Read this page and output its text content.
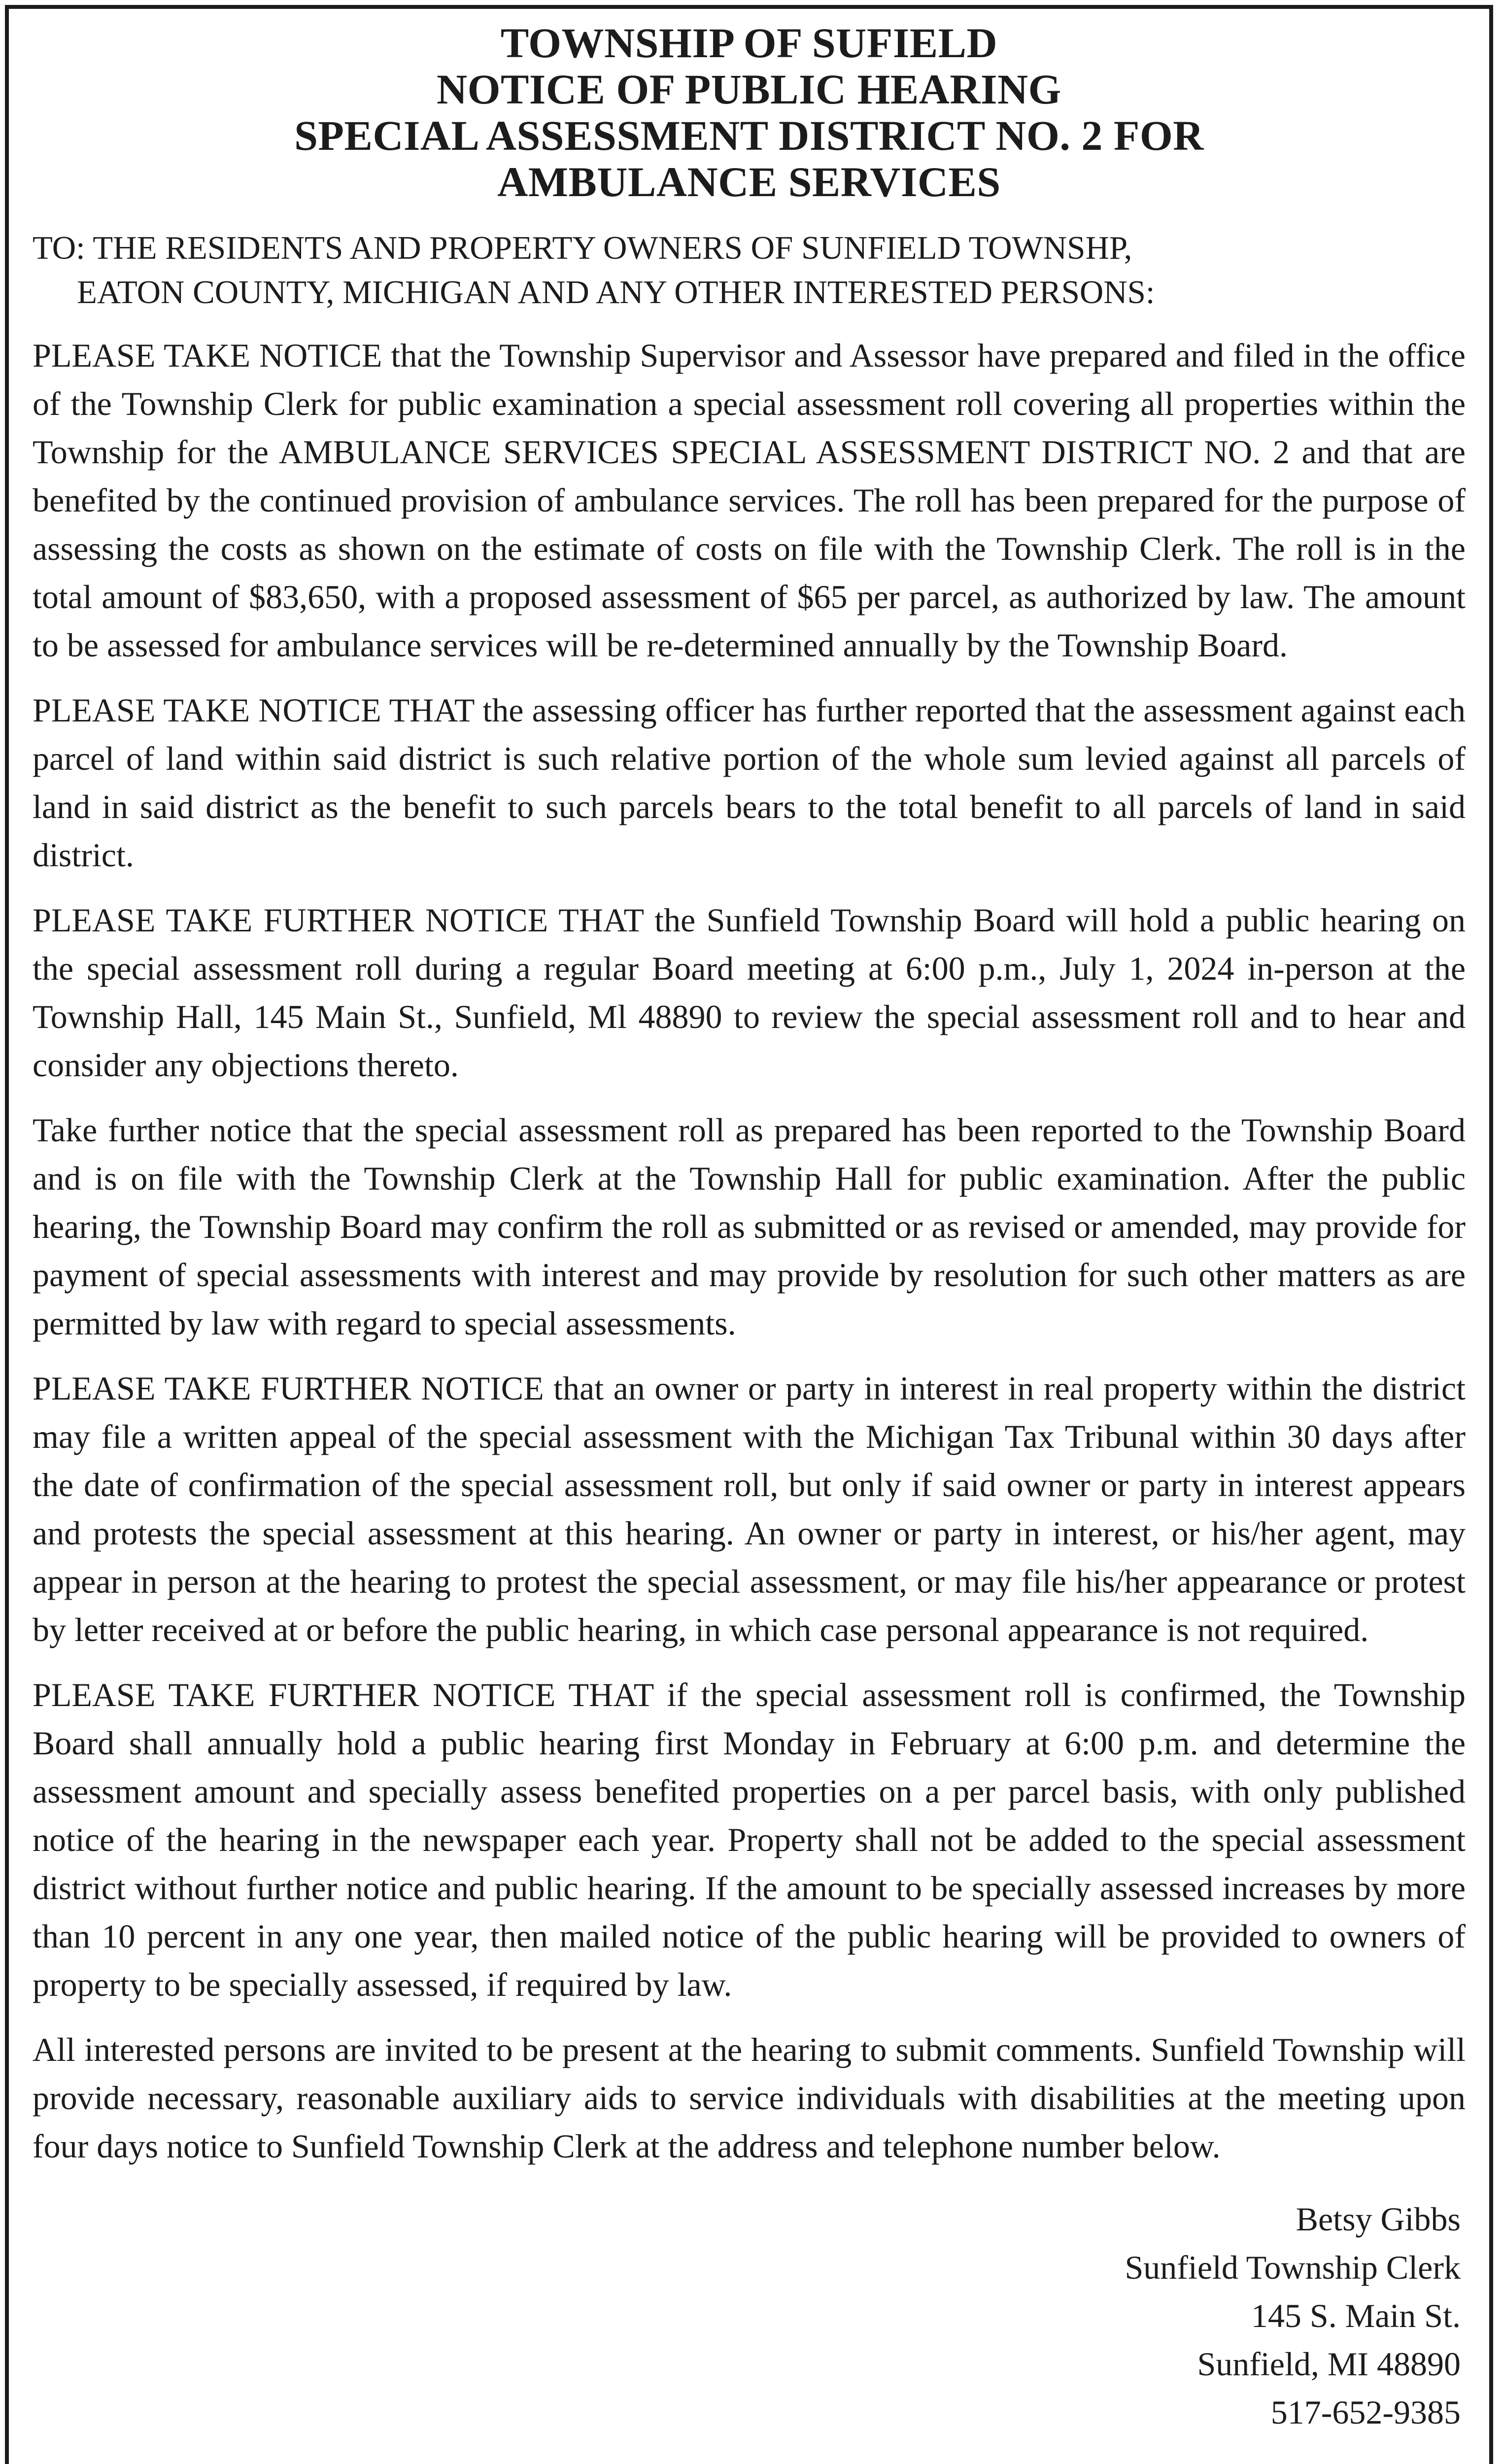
TOWNSHIP OF SUFIELD
NOTICE OF PUBLIC HEARING
SPECIAL ASSESSMENT DISTRICT NO. 2 FOR
AMBULANCE SERVICES
TO: THE RESIDENTS AND PROPERTY OWNERS OF SUNFIELD TOWNSHP,
EATON COUNTY, MICHIGAN AND ANY OTHER INTERESTED PERSONS:

PLEASE TAKE NOTICE that the Township Supervisor and Assessor have prepared and filed in the office of the Township Clerk for public examination a special assessment roll covering all properties within the Township for the AMBULANCE SERVICES SPECIAL ASSESSMENT DISTRICT NO. 2 and that are benefited by the continued provision of ambulance services. The roll has been prepared for the purpose of assessing the costs as shown on the estimate of costs on file with the Township Clerk. The roll is in the total amount of $83,650, with a proposed assessment of $65 per parcel, as authorized by law. The amount to be assessed for ambulance services will be re-determined annually by the Township Board.

PLEASE TAKE NOTICE THAT the assessing officer has further reported that the assessment against each parcel of land within said district is such relative portion of the whole sum levied against all parcels of land in said district as the benefit to such parcels bears to the total benefit to all parcels of land in said district.

PLEASE TAKE FURTHER NOTICE THAT the Sunfield Township Board will hold a public hearing on the special assessment roll during a regular Board meeting at 6:00 p.m., July 1, 2024 in-person at the Township Hall, 145 Main St., Sunfield, Ml 48890 to review the special assessment roll and to hear and consider any objections thereto.

Take further notice that the special assessment roll as prepared has been reported to the Township Board and is on file with the Township Clerk at the Township Hall for public examination. After the public hearing, the Township Board may confirm the roll as submitted or as revised or amended, may provide for payment of special assessments with interest and may provide by resolution for such other matters as are permitted by law with regard to special assessments.

PLEASE TAKE FURTHER NOTICE that an owner or party in interest in real property within the district may file a written appeal of the special assessment with the Michigan Tax Tribunal within 30 days after the date of confirmation of the special assessment roll, but only if said owner or party in interest appears and protests the special assessment at this hearing. An owner or party in interest, or his/her agent, may appear in person at the hearing to protest the special assessment, or may file his/her appearance or protest by letter received at or before the public hearing, in which case personal appearance is not required.

PLEASE TAKE FURTHER NOTICE THAT if the special assessment roll is confirmed, the Township Board shall annually hold a public hearing first Monday in February at 6:00 p.m. and determine the assessment amount and specially assess benefited properties on a per parcel basis, with only published notice of the hearing in the newspaper each year. Property shall not be added to the special assessment district without further notice and public hearing. If the amount to be specially assessed increases by more than 10 percent in any one year, then mailed notice of the public hearing will be provided to owners of property to be specially assessed, if required by law.

All interested persons are invited to be present at the hearing to submit comments. Sunfield Township will provide necessary, reasonable auxiliary aids to service individuals with disabilities at the meeting upon four days notice to Sunfield Township Clerk at the address and telephone number below.

Betsy Gibbs
Sunfield Township Clerk
145 S. Main St.
Sunfield, MI 48890
517-652-9385
